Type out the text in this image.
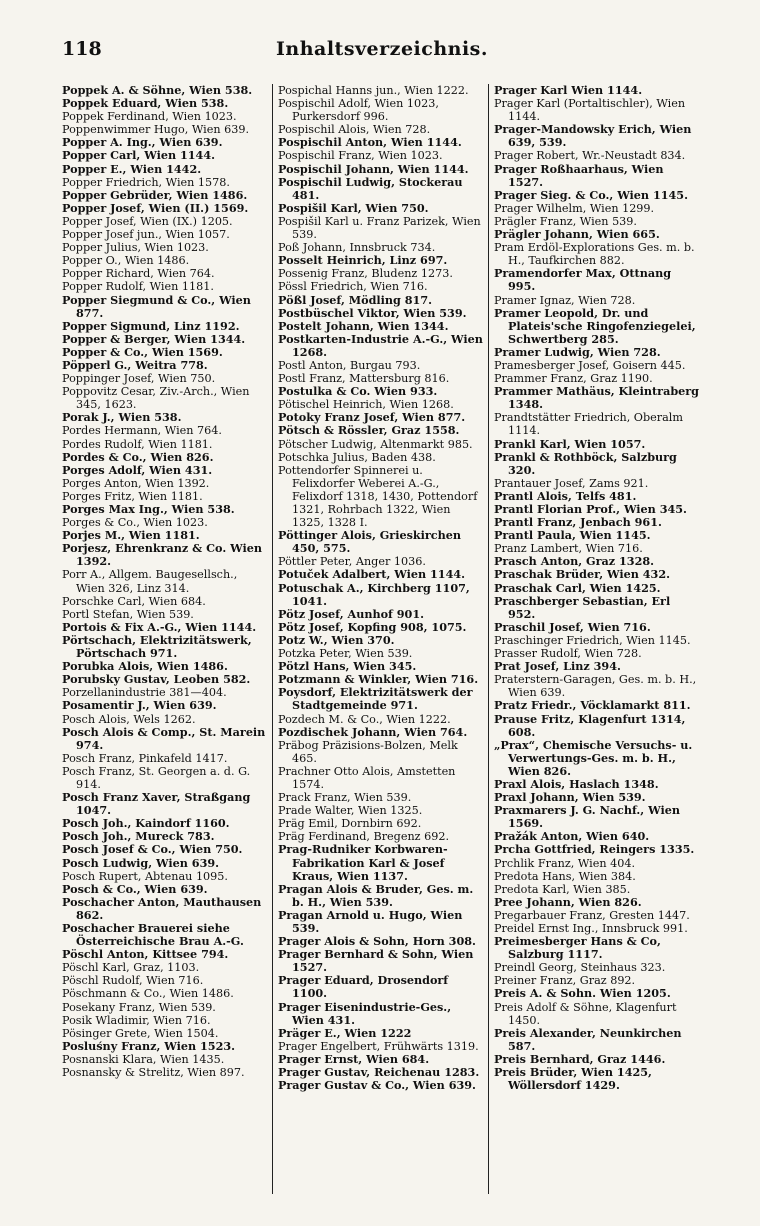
118	Inhaltsverzeichnis.
Poppek A. & Söhne, Wien 538.
Poppek Eduard, Wien 538.
Poppek Ferdinand, Wien 1023.
Poppenwimmer Hugo, Wien 639.
Popper A. Ing., Wien 639.
Popper Carl, Wien 1144.
Popper E., Wien 1442.
Popper Friedrich, Wien 1578.
Popper Gebrüder, Wien 1486.
Popper Josef, Wien (II.) 1569.
Popper Josef, Wien (IX.) 1205.
Popper Josef jun., Wien 1057.
Popper Julius, Wien 1023.
Popper O., Wien 1486.
Popper Richard, Wien 764.
Popper Rudolf, Wien 1181.
Popper Siegmund & Co., Wien 877.
Popper Sigmund, Linz 1192.
Popper & Berger, Wien 1344.
Popper & Co., Wien 1569.
Pöpperl G., Weitra 778.
Poppinger Josef, Wien 750.
Poppovitz Cesar, Ziv.-Arch., Wien 345, 1623.
Porak J., Wien 538.
Pordes Hermann, Wien 764.
Pordes Rudolf, Wien 1181.
Pordes & Co., Wien 826.
Porges Adolf, Wien 431.
Porges Anton, Wien 1392.
Porges Fritz, Wien 1181.
Porges Max Ing., Wien 538.
Porges & Co., Wien 1023.
Porjes M., Wien 1181.
Porjesz, Ehrenkranz & Co. Wien 1392.
Porr A., Allgem. Baugesellsch., Wien 326, Linz 314.
Porschke Carl, Wien 684.
Portl Stefan, Wien 539.
Portois & Fix A.-G., Wien 1144.
Pörtschach, Elektrizitätswerk, Pörtschach 971.
Porubka Alois, Wien 1486.
Porubsky Gustav, Leoben 582.
Porzellanindustrie 381—404.
Posamentir J., Wien 639.
Posch Alois, Wels 1262.
Posch Alois & Comp., St. Marein 974.
Posch Franz, Pinkafeld 1417.
Posch Franz, St. Georgen a. d. G. 914.
Posch Franz Xaver, Straßgang 1047.
Posch Joh., Kaindorf 1160.
Posch Joh., Mureck 783.
Posch Josef & Co., Wien 750.
Posch Ludwig, Wien 639.
Posch Rupert, Abtenau 1095.
Posch & Co., Wien 639.
Poschacher Anton, Mauthausen 862.
Poschacher Brauerei siehe Österreichische Brau A.-G.
Pöschl Anton, Kittsee 794.
Pöschl Karl, Graz, 1103.
Pöschl Rudolf, Wien 716.
Pöschmann & Co., Wien 1486.
Posekany Franz, Wien 539.
Posik Wladimir, Wien 716.
Pösinger Grete, Wien 1504.
Posluśny Franz, Wien 1523.
Posnanski Klara, Wien 1435.
Posnansky & Strelitz, Wien 897.
Pospichal Hanns jun., Wien 1222.
Pospischil Adolf, Wien 1023, Purkersdorf 996.
Pospischil Alois, Wien 728.
Pospischil Anton, Wien 1144.
Pospischil Franz, Wien 1023.
Pospischil Johann, Wien 1144.
Pospischil Ludwig, Stockerau 481.
Pospišil Karl, Wien 750.
Pospišil Karl u. Franz Parizek, Wien 539.
Poß Johann, Innsbruck 734.
Posselt Heinrich, Linz 697.
Possenig Franz, Bludenz 1273.
Pössl Friedrich, Wien 716.
Pößl Josef, Mödling 817.
Postbüschel Viktor, Wien 539.
Postelt Johann, Wien 1344.
Postkarten-Industrie A.-G., Wien 1268.
Postl Anton, Burgau 793.
Postl Franz, Mattersburg 816.
Postulka & Co. Wien 933.
Pötischel Heinrich, Wien 1268.
Potoky Franz Josef, Wien 877.
Pötsch & Rössler, Graz 1558.
Pötscher Ludwig, Altenmarkt 985.
Potschka Julius, Baden 438.
Pottendorfer Spinnerei u. Felixdorfer Weberei A.-G., Felixdorf 1318, 1430, Pottendorf 1321, Rohrbach 1322, Wien 1325, 1328 I.
Pöttinger Alois, Grieskirchen 450, 575.
Pöttler Peter, Anger 1036.
Potuček Adalbert, Wien 1144.
Potuschak A., Kirchberg 1107, 1041.
Pötz Josef, Aunhof 901.
Pötz Josef, Kopfing 908, 1075.
Potz W., Wien 370.
Potzka Peter, Wien 539.
Pötzl Hans, Wien 345.
Potzmann & Winkler, Wien 716.
Poysdorf, Elektrizitätswerk der Stadtgemeinde 971.
Pozdech M. & Co., Wien 1222.
Pozdischek Johann, Wien 764.
Präbog Präzisions-Bolzen, Melk 465.
Prachner Otto Alois, Amstetten 1574.
Prack Franz, Wien 539.
Prade Walter, Wien 1325.
Präg Emil, Dornbirn 692.
Präg Ferdinand, Bregenz 692.
Prag-Rudniker Korbwaren-Fabrikation Karl & Josef Kraus, Wien 1137.
Pragan Alois & Bruder, Ges. m. b. H., Wien 539.
Pragan Arnold u. Hugo, Wien 539.
Prager Alois & Sohn, Horn 308.
Prager Bernhard & Sohn, Wien 1527.
Prager Eduard, Drosendorf 1100.
Prager Eisenindustrie-Ges., Wien 431.
Präger E., Wien 1222
Prager Engelbert, Frühwärts 1319.
Prager Ernst, Wien 684.
Prager Gustav, Reichenau 1283.
Prager Gustav & Co., Wien 639.
Prager Karl Wien 1144.
Prager Karl (Portaltischler), Wien 1144.
Prager-Mandowsky Erich, Wien 639, 539.
Prager Robert, Wr.-Neustadt 834.
Prager Roßhaarhaus, Wien 1527.
Prager Sieg. & Co., Wien 1145.
Prager Wilhelm, Wien 1299.
Prägler Franz, Wien 539.
Prägler Johann, Wien 665.
Pram Erdöl-Explorations Ges. m. b. H., Taufkirchen 882.
Pramendorfer Max, Ottnang 995.
Pramer Ignaz, Wien 728.
Pramer Leopold, Dr. und Plateis'sche Ringofenziegelei, Schwertberg 285.
Pramer Ludwig, Wien 728.
Pramesberger Josef, Goisern 445.
Prammer Franz, Graz 1190.
Prammer Mathäus, Kleintraberg 1348.
Prandtstätter Friedrich, Oberalm 1114.
Prankl Karl, Wien 1057.
Prankl & Rothböck, Salzburg 320.
Prantauer Josef, Zams 921.
Prantl Alois, Telfs 481.
Prantl Florian Prof., Wien 345.
Prantl Franz, Jenbach 961.
Prantl Paula, Wien 1145.
Pranz Lambert, Wien 716.
Prasch Anton, Graz 1328.
Praschak Brüder, Wien 432.
Praschak Carl, Wien 1425.
Praschberger Sebastian, Erl 952.
Praschil Josef, Wien 716.
Praschinger Friedrich, Wien 1145.
Prasser Rudolf, Wien 728.
Prat Josef, Linz 394.
Praterstern-Garagen, Ges. m. b. H., Wien 639.
Pratz Friedr., Vöcklamarkt 811.
Prause Fritz, Klagenfurt 1314, 608.
„Prax“, Chemische Versuchs- u. Verwertungs-Ges. m. b. H., Wien 826.
Praxl Alois, Haslach 1348.
Praxl Johann, Wien 539.
Praxmarers J. G. Nachf., Wien 1569.
Pražák Anton, Wien 640.
Prcha Gottfried, Reingers 1335.
Prchlik Franz, Wien 404.
Predota Hans, Wien 384.
Predota Karl, Wien 385.
Pree Johann, Wien 826.
Pregarbauer Franz, Gresten 1447.
Preidel Ernst Ing., Innsbruck 991.
Preimesberger Hans & Co, Salzburg 1117.
Preindl Georg, Steinhaus 323.
Preiner Franz, Graz 892.
Preis A. & Sohn. Wien 1205.
Preis Adolf & Söhne, Klagenfurt 1450.
Preis Alexander, Neunkirchen 587.
Preis Bernhard, Graz 1446.
Preis Brüder, Wien 1425, Wöllersdorf 1429.
